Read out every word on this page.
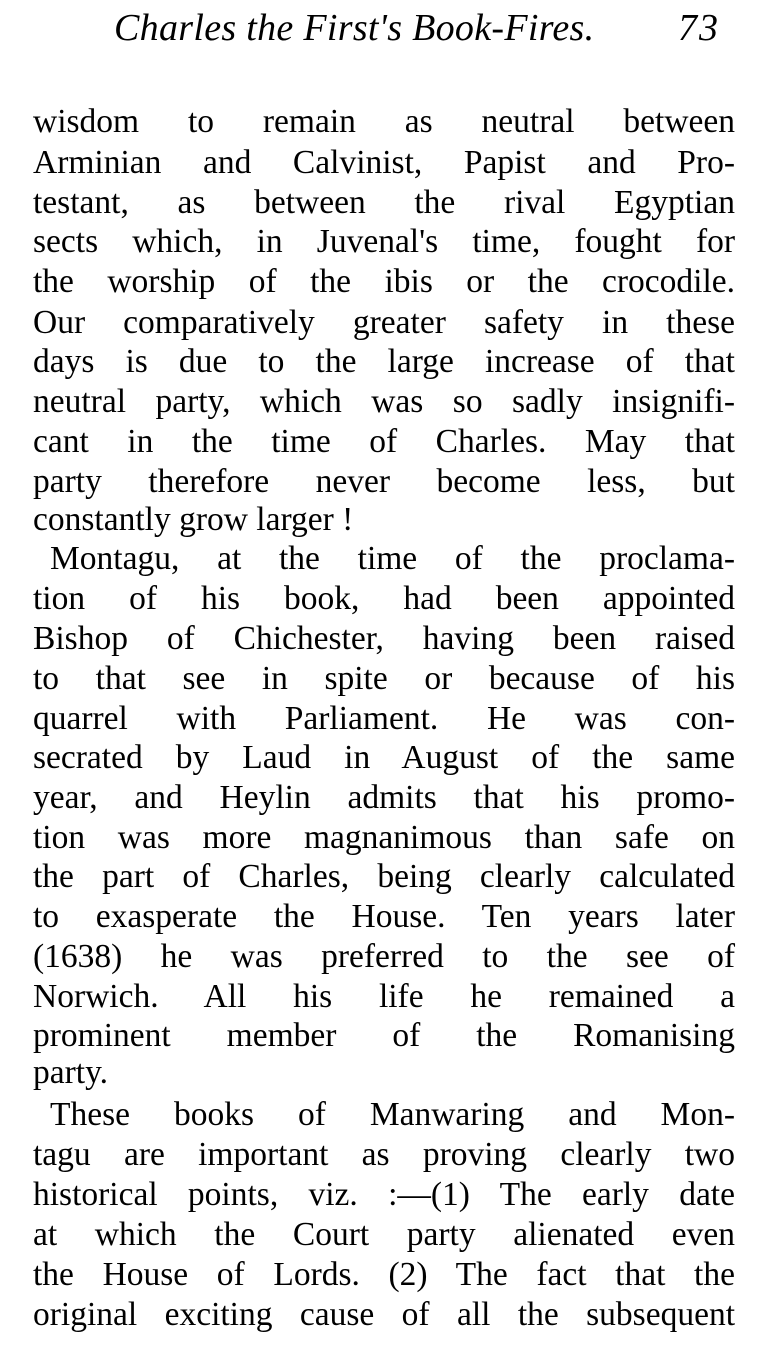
Charles the First's Book-Fires. 73
wisdom to remain as neutral between
Arminian and Calvinist, Papist and Pro-
testant, as between the rival Egyptian
sects which, in Juvenal's time, fought for
the worship of the ibis or the crocodile.
Our comparatively greater safety in these
days is due to the large increase of that
neutral party, which was so sadly insignifi-
cant in the time of Charles. May that
party therefore never become less, but
constantly grow larger !
Montagu, at the time of the proclama-
tion of his book, had been appointed
Bishop of Chichester, having been raised
to that see in spite or because of his
quarrel with Parliament. He was con-
secrated by Laud in August of the same
year, and Heylin admits that his promo-
tion was more magnanimous than safe on
the part of Charles, being clearly calculated
to exasperate the House. Ten years later
(1638) he was preferred to the see of
Norwich. All his life he remained a
prominent member of the Romanising
party.
These books of Manwaring and Mon-
tagu are important as proving clearly two
historical points, viz. :—(1) The early date
at which the Court party alienated even
the House of Lords. (2) The fact that the
original exciting cause of all the subsequent
